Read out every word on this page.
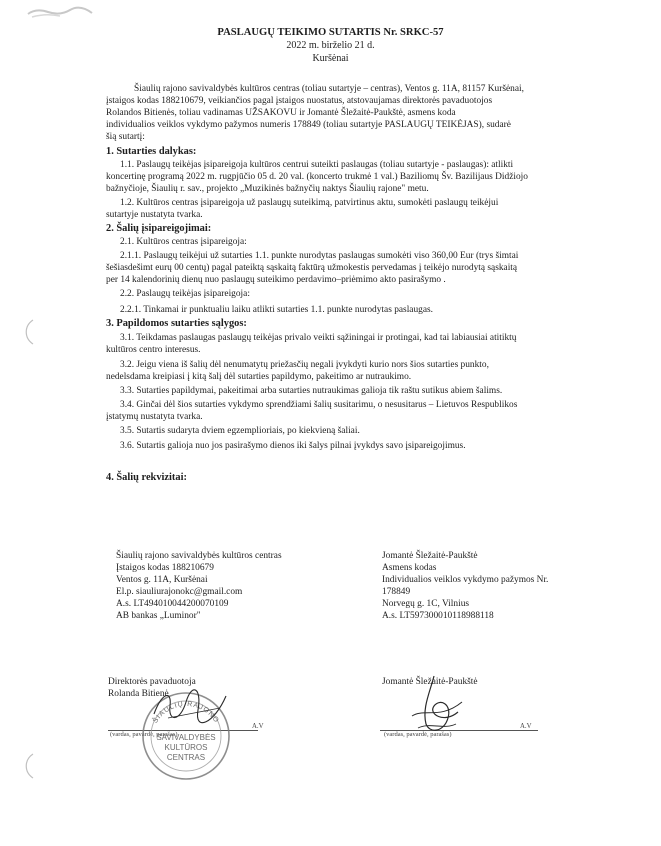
PASLAUGŲ TEIKIMO SUTARTIS Nr. SRKC-57
2022 m. birželio 21 d.
Kuršėnai
Šiaulių rajono savivaldybės kultūros centras (toliau sutartyje – centras), Ventos g. 11A, 81157 Kuršėnai,
įstaigos kodas 188210679, veikiančios pagal įstaigos nuostatus, atstovaujamas direktorės pavaduotojos
Rolandos Bitienės, toliau vadinamas UŽSAKOVU ir Jomantė Šležaitė-Paukštė, asmens koda
individualios veiklos vykdymo pažymos numeris 178849 (toliau sutartyje PASLAUGŲ TEIKĖJAS), sudarė
šią sutartį:
1. Sutarties dalykas:
1.1. Paslaugų teikėjas įsipareigoja kultūros centrui suteikti paslaugas (toliau sutartyje - paslaugas): atlikti
koncertinę programą 2022 m. rugpjūčio 05 d. 20 val. (koncerto trukmė 1 val.) Baziliomų Šv. Bazilijaus Didžiojo
bažnyčioje, Šiaulių r. sav., projekto „Muzikinės bažnyčių naktys Šiaulių rajone" metu.
1.2. Kultūros centras įsipareigoja už paslaugų suteikimą, patvirtinus aktu, sumokėti paslaugų teikėjui
sutartyje nustatyta tvarka.
2. Šalių įsipareigojimai:
2.1. Kultūros centras įsipareigoja:
2.1.1. Paslaugų teikėjui už sutarties 1.1. punkte nurodytas paslaugas sumokėti viso 360,00 Eur (trys šimtai
šešiasdešimt eurų 00 centų) pagal pateiktą sąskaitą faktūrą užmokestis pervedamas į teikėjo nurodytą sąskaitą
per 14 kalendorinių dienų nuo paslaugų suteikimo perdavimo–priėmimo akto pasirašymo .
2.2. Paslaugų teikėjas įsipareigoja:
2.2.1. Tinkamai ir punktualiu laiku atlikti sutarties 1.1. punkte nurodytas paslaugas.
3. Papildomos sutarties sąlygos:
3.1. Teikdamas paslaugas paslaugų teikėjas privalo veikti sąžiningai ir protingai, kad tai labiausiai atitiktų
kultūros centro interesus.
3.2. Jeigu viena iš šalių dėl nenumatytų priežasčių negali įvykdyti kurio nors šios sutarties punkto,
nedelsdama kreipiasi į kitą šalį dėl sutarties papildymo, pakeitimo ar nutraukimo.
3.3. Sutarties papildymai, pakeitimai arba sutarties nutraukimas galioja tik raštu sutikus abiem šalims.
3.4. Ginčai dėl šios sutarties vykdymo sprendžiami šalių susitarimu, o nesusitarus – Lietuvos Respublikos
įstatymų nustatyta tvarka.
3.5. Sutartis sudaryta dviem egzemplioriais, po kiekvieną šaliai.
3.6. Sutartis galioja nuo jos pasirašymo dienos iki šalys pilnai įvykdys savo įsipareigojimus.
4. Šalių rekvizitai:
Šiaulių rajono savivaldybės kultūros centras
Įstaigos kodas 188210679
Ventos g. 11A, Kuršėnai
El.p. siauliurajonokc@gmail.com
A.s. LT494010044200070109
AB bankas „Luminor"
Jomantė Šležaitė-Paukštė
Asmens kodas
Individualios veiklos vykdymo pažymos Nr.
178849
Norvegų g. 1C, Vilnius
A.s. LT597300010118988118
Direktorės pavaduotoja
Rolanda Bitienė
(vardas, pavardė, parašas)
A.V
ŠIAULIŲ RAJONO
SAVIVALDYBĖS
KULTŪROS
CENTRAS
Jomantė Šležaitė-Paukštė
(vardas, pavardė, parašas)
A.V
